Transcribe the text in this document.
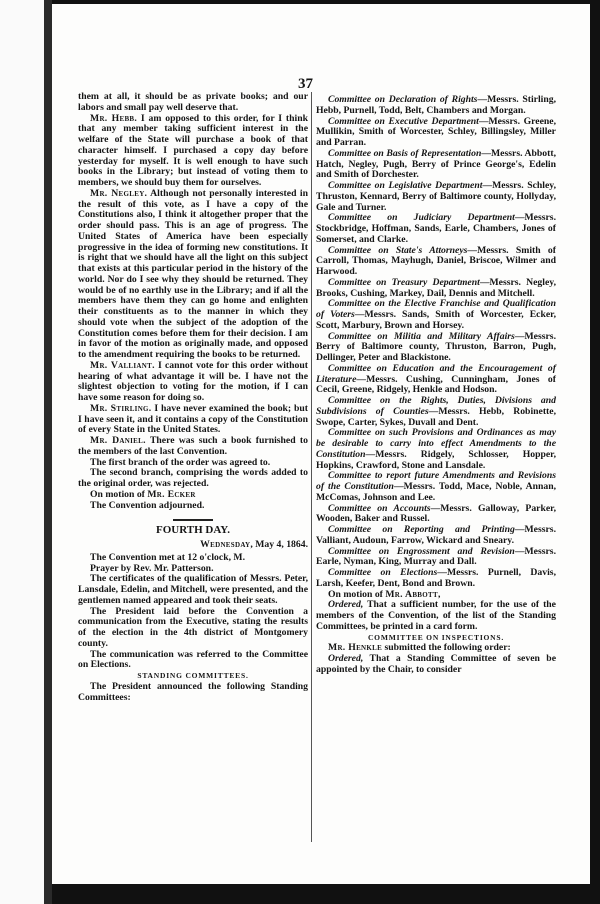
37

them at all, it should be as private books; and our labors and small pay well deserve that.

Mr. Hebb. I am opposed to this order, for I think that any member taking sufficient interest in the welfare of the State will purchase a book of that character himself. I purchased a copy day before yesterday for myself. It is well enough to have such books in the Library; but instead of voting them to members, we should buy them for ourselves.

Mr. Negley. Although not personally interested in the result of this vote, as I have a copy of the Constitutions also, I think it altogether proper that the order should pass. This is an age of progress. The United States of America have been especially progressive in the idea of forming new constitutions. It is right that we should have all the light on this subject that exists at this particular period in the history of the world. Nor do I see why they should be returned. They would be of no earthly use in the Library; and if all the members have them they can go home and enlighten their constituents as to the manner in which they should vote when the subject of the adoption of the Constitution comes before them for their decision. I am in favor of the motion as originally made, and opposed to the amendment requiring the books to be returned.

Mr. Valliant. I cannot vote for this order without hearing of what advantage it will be. I have not the slightest objection to voting for the motion, if I can have some reason for doing so.

Mr. Stirling. I have never examined the book; but I have seen it, and it contains a copy of the Constitution of every State in the United States.

Mr. Daniel. There was such a book furnished to the members of the last Convention.

The first branch of the order was agreed to.

The second branch, comprising the words added to the original order, was rejected.

On motion of Mr. Ecker

The Convention adjourned.

FOURTH DAY.
Wednesday, May 4, 1864.

The Convention met at 12 o'clock, M.

Prayer by Rev. Mr. Patterson.

The certificates of the qualification of Messrs. Peter, Lansdale, Edelin, and Mitchell, were presented, and the gentlemen named appeared and took their seats.

The President laid before the Convention a communication from the Executive, stating the results of the election in the 4th district of Montgomery county.

The communication was referred to the Committee on Elections.

STANDING COMMITTEES.

The President announced the following Standing Committees:

Committee on Declaration of Rights—Messrs. Stirling, Hebb, Purnell, Todd, Belt, Chambers and Morgan.

Committee on Executive Department—Messrs. Greene, Mullikin, Smith of Worcester, Schley, Billingsley, Miller and Parran.

Committee on Basis of Representation—Messrs. Abbott, Hatch, Negley, Pugh, Berry of Prince George's, Edelin and Smith of Dorchester.

Committee on Legislative Department—Messrs. Schley, Thruston, Kennard, Berry of Baltimore county, Hollyday, Gale and Turner.

Committee on Judiciary Department—Messrs. Stockbridge, Hoffman, Sands, Earle, Chambers, Jones of Somerset, and Clarke.

Committee on State's Attorneys—Messrs. Smith of Carroll, Thomas, Mayhugh, Daniel, Briscoe, Wilmer and Harwood.

Committee on Treasury Department—Messrs. Negley, Brooks, Cushing, Markey, Dail, Dennis and Mitchell.

Committee on the Elective Franchise and Qualification of Voters—Messrs. Sands, Smith of Worcester, Ecker, Scott, Marbury, Brown and Horsey.

Committee on Militia and Military Affairs—Messrs. Berry of Baltimore county, Thruston, Barron, Pugh, Dellinger, Peter and Blackistone.

Committee on Education and the Encouragement of Literature—Messrs. Cushing, Cunningham, Jones of Cecil, Greene, Ridgely, Henkle and Hodson.

Committee on the Rights, Duties, Divisions and Subdivisions of Counties—Messrs. Hebb, Robinette, Swope, Carter, Sykes, Duvall and Dent.

Committee on such Provisions and Ordinances as may be desirable to carry into effect Amendments to the Constitution—Messrs. Ridgely, Schlosser, Hopper, Hopkins, Crawford, Stone and Lansdale.

Committee to report future Amendments and Revisions of the Constitution—Messrs. Todd, Mace, Noble, Annan, McComas, Johnson and Lee.

Committee on Accounts—Messrs. Galloway, Parker, Wooden, Baker and Russel.

Committee on Reporting and Printing—Messrs. Valliant, Audoun, Farrow, Wickard and Sneary.

Committee on Engrossment and Revision—Messrs. Earle, Nyman, King, Murray and Dall.

Committee on Elections—Messrs. Purnell, Davis, Larsh, Keefer, Dent, Bond and Brown.

On motion of Mr. Abbott,

Ordered, That a sufficient number, for the use of the members of the Convention, of the list of the Standing Committees, be printed in a card form.

COMMITTEE ON INSPECTIONS.

Mr. Henkle submitted the following order:

Ordered, That a Standing Committee of seven be appointed by the Chair, to consider
